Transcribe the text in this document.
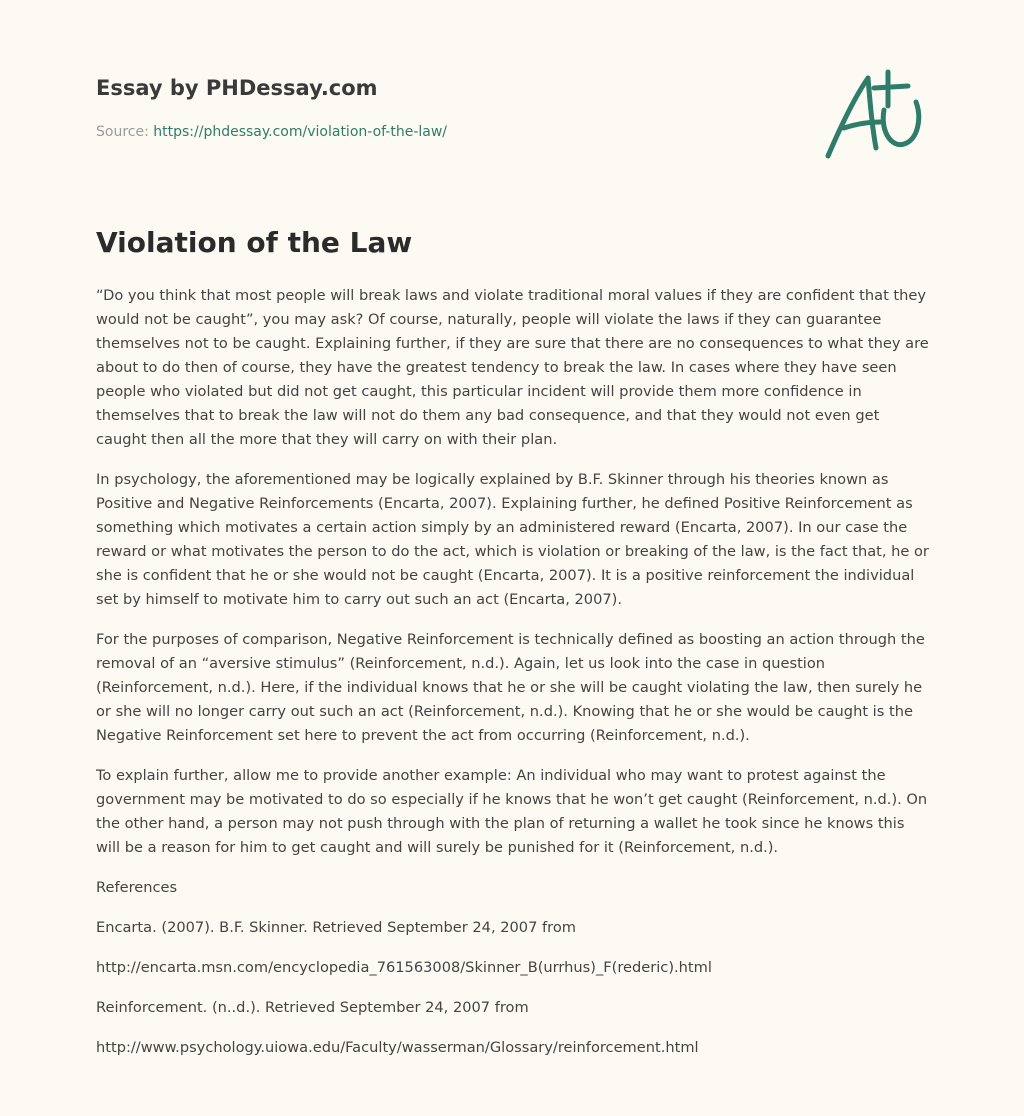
Essay by PHDessay.com
Source: https://phdessay.com/violation-of-the-law/
Violation of the Law

“Do you think that most people will break laws and violate traditional moral values if they are confident that they would not be caught”, you may ask? Of course, naturally, people will violate the laws if they can guarantee themselves not to be caught. Explaining further, if they are sure that there are no consequences to what they are about to do then of course, they have the greatest tendency to break the law. In cases where they have seen people who violated but did not get caught, this particular incident will provide them more confidence in themselves that to break the law will not do them any bad consequence, and that they would not even get caught then all the more that they will carry on with their plan.

In psychology, the aforementioned may be logically explained by B.F. Skinner through his theories known as Positive and Negative Reinforcements (Encarta, 2007). Explaining further, he defined Positive Reinforcement as something which motivates a certain action simply by an administered reward (Encarta, 2007). In our case the reward or what motivates the person to do the act, which is violation or breaking of the law, is the fact that, he or she is confident that he or she would not be caught (Encarta, 2007). It is a positive reinforcement the individual set by himself to motivate him to carry out such an act (Encarta, 2007).

For the purposes of comparison, Negative Reinforcement is technically defined as boosting an action through the removal of an “aversive stimulus” (Reinforcement, n.d.). Again, let us look into the case in question (Reinforcement, n.d.). Here, if the individual knows that he or she will be caught violating the law, then surely he or she will no longer carry out such an act (Reinforcement, n.d.). Knowing that he or she would be caught is the Negative Reinforcement set here to prevent the act from occurring (Reinforcement, n.d.).

To explain further, allow me to provide another example: An individual who may want to protest against the government may be motivated to do so especially if he knows that he won’t get caught (Reinforcement, n.d.). On the other hand, a person may not push through with the plan of returning a wallet he took since he knows this will be a reason for him to get caught and will surely be punished for it (Reinforcement, n.d.).

References

Encarta. (2007). B.F. Skinner. Retrieved September 24, 2007 from

http://encarta.msn.com/encyclopedia_761563008/Skinner_B(urrhus)_F(rederic).html

Reinforcement. (n..d.). Retrieved September 24, 2007 from

http://www.psychology.uiowa.edu/Faculty/wasserman/Glossary/reinforcement.html
